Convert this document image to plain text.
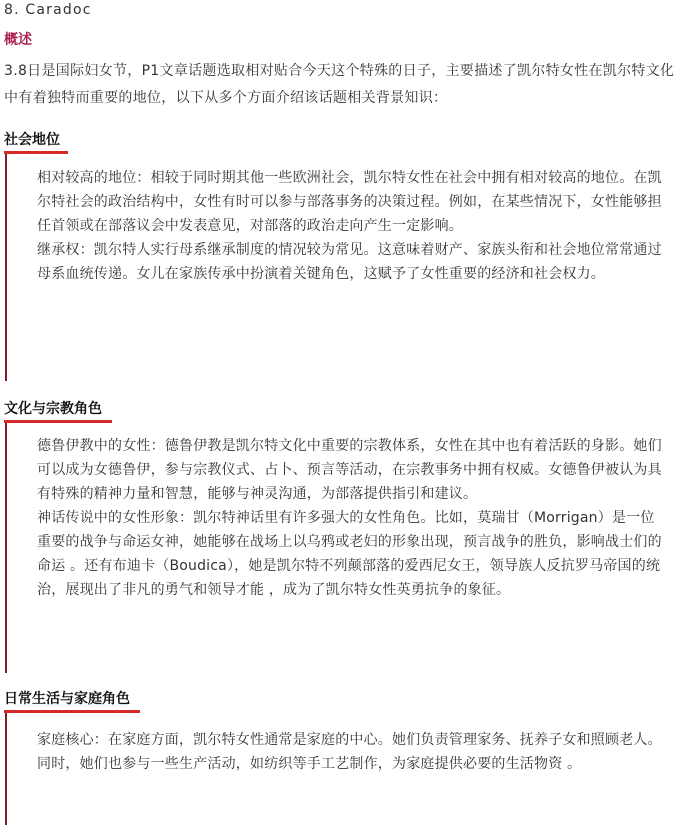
8. Caradoc
概述
3.8日是国际妇女节，P1文章话题选取相对贴合今天这个特殊的日子，主要描述了凯尔特女性在凯尔特文化中有着独特而重要的地位，以下从多个方面介绍该话题相关背景知识：
社会地位

相对较高的地位：相较于同时期其他一些欧洲社会，凯尔特女性在社会中拥有相对较高的地位。在凯尔特社会的政治结构中，女性有时可以参与部落事务的决策过程。例如，在某些情况下，女性能够担任首领或在部落议会中发表意见，对部落的政治走向产生一定影响。

继承权：凯尔特人实行母系继承制度的情况较为常见。这意味着财产、家族头衔和社会地位常常通过母系血统传递。女儿在家族传承中扮演着关键角色，这赋予了女性重要的经济和社会权力。

文化与宗教角色

德鲁伊教中的女性：德鲁伊教是凯尔特文化中重要的宗教体系，女性在其中也有着活跃的身影。她们可以成为女德鲁伊，参与宗教仪式、占卜、预言等活动，在宗教事务中拥有权威。女德鲁伊被认为具有特殊的精神力量和智慧，能够与神灵沟通，为部落提供指引和建议。

神话传说中的女性形象：凯尔特神话里有许多强大的女性角色。比如，莫瑞甘（Morrigan）是一位重要的战争与命运女神，她能够在战场上以乌鸦或老妇的形象出现，预言战争的胜负，影响战士们的命运 。还有布迪卡（Boudica），她是凯尔特不列颠部落的爱西尼女王，领导族人反抗罗马帝国的统治，展现出了非凡的勇气和领导才能 ，成为了凯尔特女性英勇抗争的象征。

日常生活与家庭角色

家庭核心：在家庭方面，凯尔特女性通常是家庭的中心。她们负责管理家务、抚养子女和照顾老人。同时，她们也参与一些生产活动，如纺织等手工艺制作，为家庭提供必要的生活物资 。
